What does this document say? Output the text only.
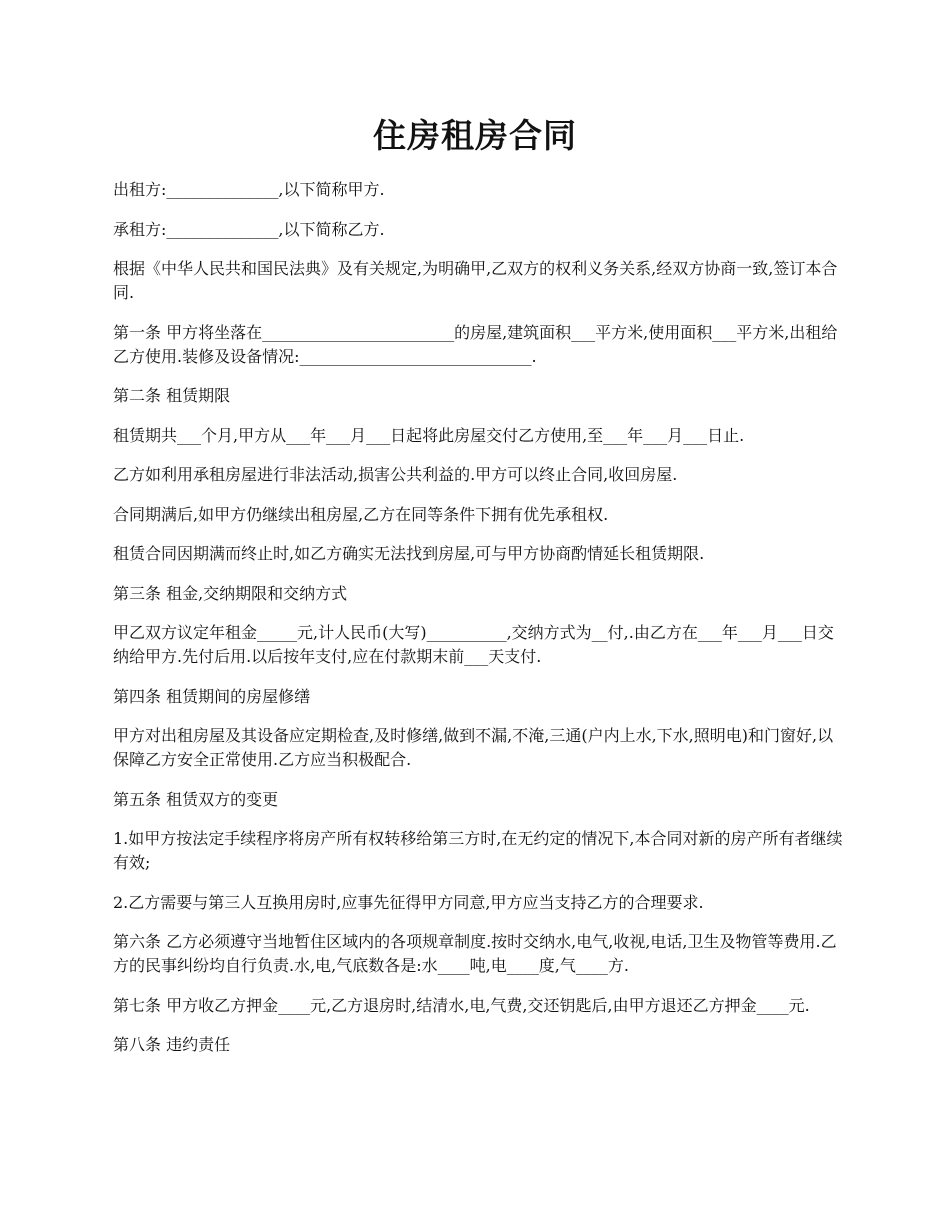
住房租房合同

出租方:______________,以下简称甲方.

承租方:______________,以下简称乙方.

根据《中华人民共和国民法典》及有关规定,为明确甲,乙双方的权利义务关系,经双方协商一致,签订本合同.

第一条 甲方将坐落在________________________的房屋,建筑面积___平方米,使用面积___平方米,出租给乙方使用.装修及设备情况:_____________________________.

第二条 租赁期限

租赁期共___个月,甲方从___年___月___日起将此房屋交付乙方使用,至___年___月___日止.

乙方如利用承租房屋进行非法活动,损害公共利益的.甲方可以终止合同,收回房屋.

合同期满后,如甲方仍继续出租房屋,乙方在同等条件下拥有优先承租权.

租赁合同因期满而终止时,如乙方确实无法找到房屋,可与甲方协商酌情延长租赁期限.

第三条 租金,交纳期限和交纳方式

甲乙双方议定年租金_____元,计人民币(大写)__________,交纳方式为__付,.由乙方在___年___月___日交纳给甲方.先付后用.以后按年支付,应在付款期末前___天支付.

第四条 租赁期间的房屋修缮

甲方对出租房屋及其设备应定期检查,及时修缮,做到不漏,不淹,三通(户内上水,下水,照明电)和门窗好,以保障乙方安全正常使用.乙方应当积极配合.

第五条 租赁双方的变更

1.如甲方按法定手续程序将房产所有权转移给第三方时,在无约定的情况下,本合同对新的房产所有者继续有效;

2.乙方需要与第三人互换用房时,应事先征得甲方同意,甲方应当支持乙方的合理要求.

第六条 乙方必须遵守当地暂住区域内的各项规章制度.按时交纳水,电气,收视,电话,卫生及物管等费用.乙方的民事纠纷均自行负责.水,电,气底数各是:水____吨,电____度,气____方.

第七条 甲方收乙方押金____元,乙方退房时,结清水,电,气费,交还钥匙后,由甲方退还乙方押金____元.

第八条 违约责任
